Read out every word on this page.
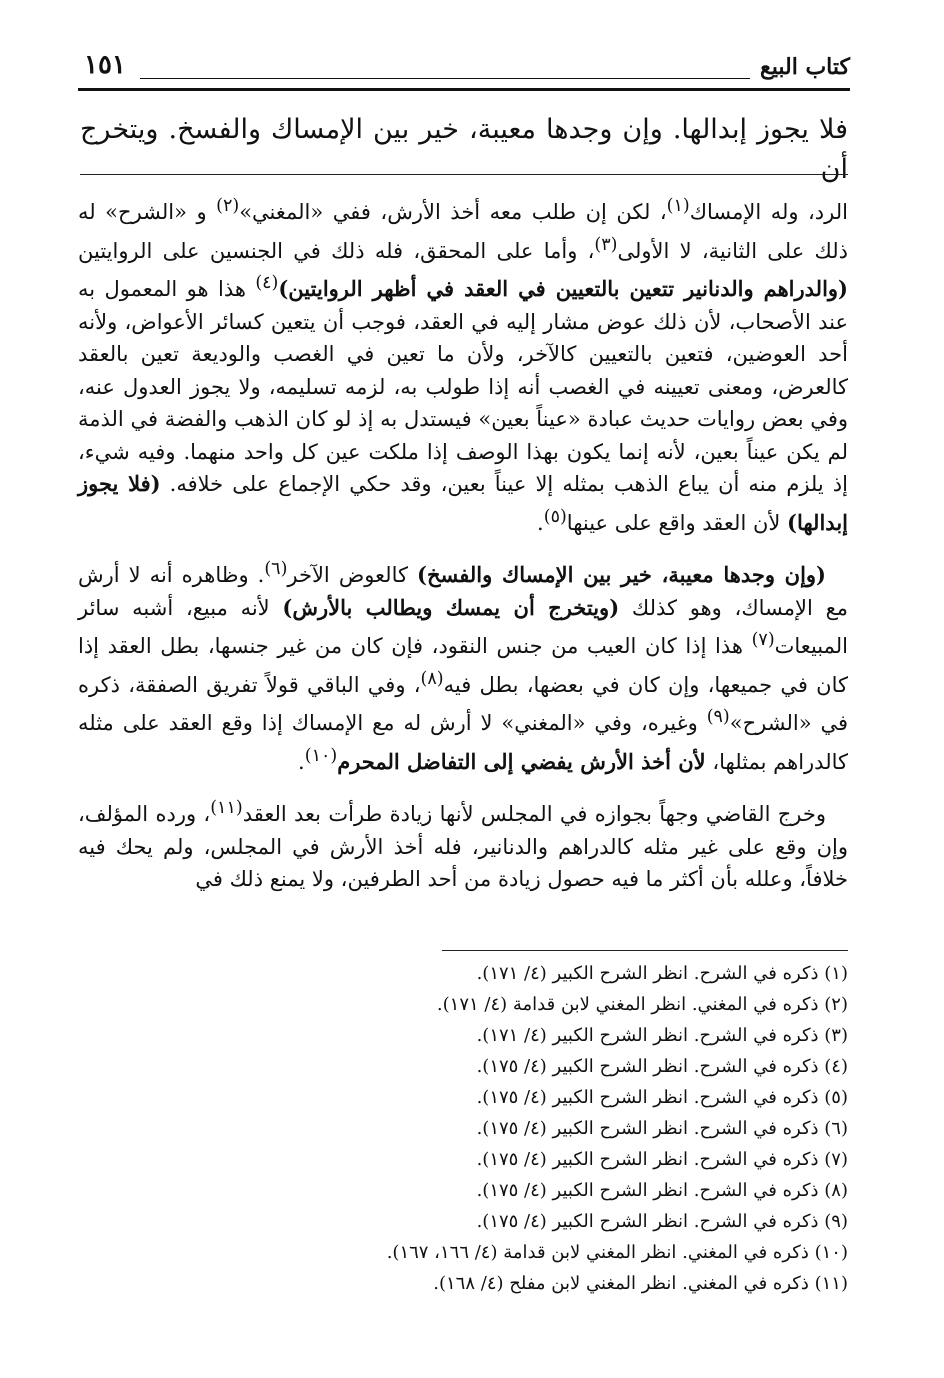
١٥١	كتاب البيع
فلا يجوز إبدالها. وإن وجدها معيبة، خير بين الإمساك والفسخ. ويتخرج أن

الرد، وله الإمساك$^{(١)}$، لكن إن طلب معه أخذ الأرش، ففي «المغني»$^{(٢)}$ و «الشرح» له ذلك على الثانية، لا الأولى$^{(٣)}$، وأما على المحقق، فله ذلك في الجنسين على الروايتين (والدراهم والدنانير تتعين بالتعيين في العقد في أظهر الروايتين)$^{(٤)}$ هذا هو المعمول به عند الأصحاب، لأن ذلك عوض مشار إليه في العقد، فوجب أن يتعين كسائر الأعواض، ولأنه أحد العوضين، فتعين بالتعيين كالآخر، ولأن ما تعين في الغصب والوديعة تعين بالعقد كالعرض، ومعنى تعيينه في الغصب أنه إذا طولب به، لزمه تسليمه، ولا يجوز العدول عنه، وفي بعض روايات حديث عبادة «عيناً بعين» فيستدل به إذ لو كان الذهب والفضة في الذمة لم يكن عيناً بعين، لأنه إنما يكون بهذا الوصف إذا ملكت عين كل واحد منهما. وفيه شيء، إذ يلزم منه أن يباع الذهب بمثله إلا عيناً بعين، وقد حكي الإجماع على خلافه. (فلا يجوز إبدالها) لأن العقد واقع على عينها$^{(٥)}$.

(وإن وجدها معيبة، خير بين الإمساك والفسخ) كالعوض الآخر$^{(٦)}$. وظاهره أنه لا أرش مع الإمساك، وهو كذلك (ويتخرج أن يمسك ويطالب بالأرش) لأنه مبيع، أشبه سائر المبيعات$^{(٧)}$ هذا إذا كان العيب من جنس النقود، فإن كان من غير جنسها، بطل العقد إذا كان في جميعها، وإن كان في بعضها، بطل فيه$^{(٨)}$، وفي الباقي قولاً تفريق الصفقة، ذكره في «الشرح»$^{(٩)}$ وغيره، وفي «المغني» لا أرش له مع الإمساك إذا وقع العقد على مثله كالدراهم بمثلها، لأن أخذ الأرش يفضي إلى التفاضل المحرم$^{(١٠)}$.

وخرج القاضي وجهاً بجوازه في المجلس لأنها زيادة طرأت بعد العقد$^{(١١)}$، ورده المؤلف، وإن وقع على غير مثله كالدراهم والدنانير، فله أخذ الأرش في المجلس، ولم يحك فيه خلافاً، وعلله بأن أكثر ما فيه حصول زيادة من أحد الطرفين، ولا يمنع ذلك في

(١) ذكره في الشرح. انظر الشرح الكبير (٤/ ١٧١).
(٢) ذكره في المغني. انظر المغني لابن قدامة (٤/ ١٧١).
(٣) ذكره في الشرح. انظر الشرح الكبير (٤/ ١٧١).
(٤) ذكره في الشرح. انظر الشرح الكبير (٤/ ١٧٥).
(٥) ذكره في الشرح. انظر الشرح الكبير (٤/ ١٧٥).
(٦) ذكره في الشرح. انظر الشرح الكبير (٤/ ١٧٥).
(٧) ذكره في الشرح. انظر الشرح الكبير (٤/ ١٧٥).
(٨) ذكره في الشرح. انظر الشرح الكبير (٤/ ١٧٥).
(٩) ذكره في الشرح. انظر الشرح الكبير (٤/ ١٧٥).
(١٠) ذكره في المغني. انظر المغني لابن قدامة (٤/ ١٦٦، ١٦٧).
(١١) ذكره في المغني. انظر المغني لابن مفلح (٤/ ١٦٨).
